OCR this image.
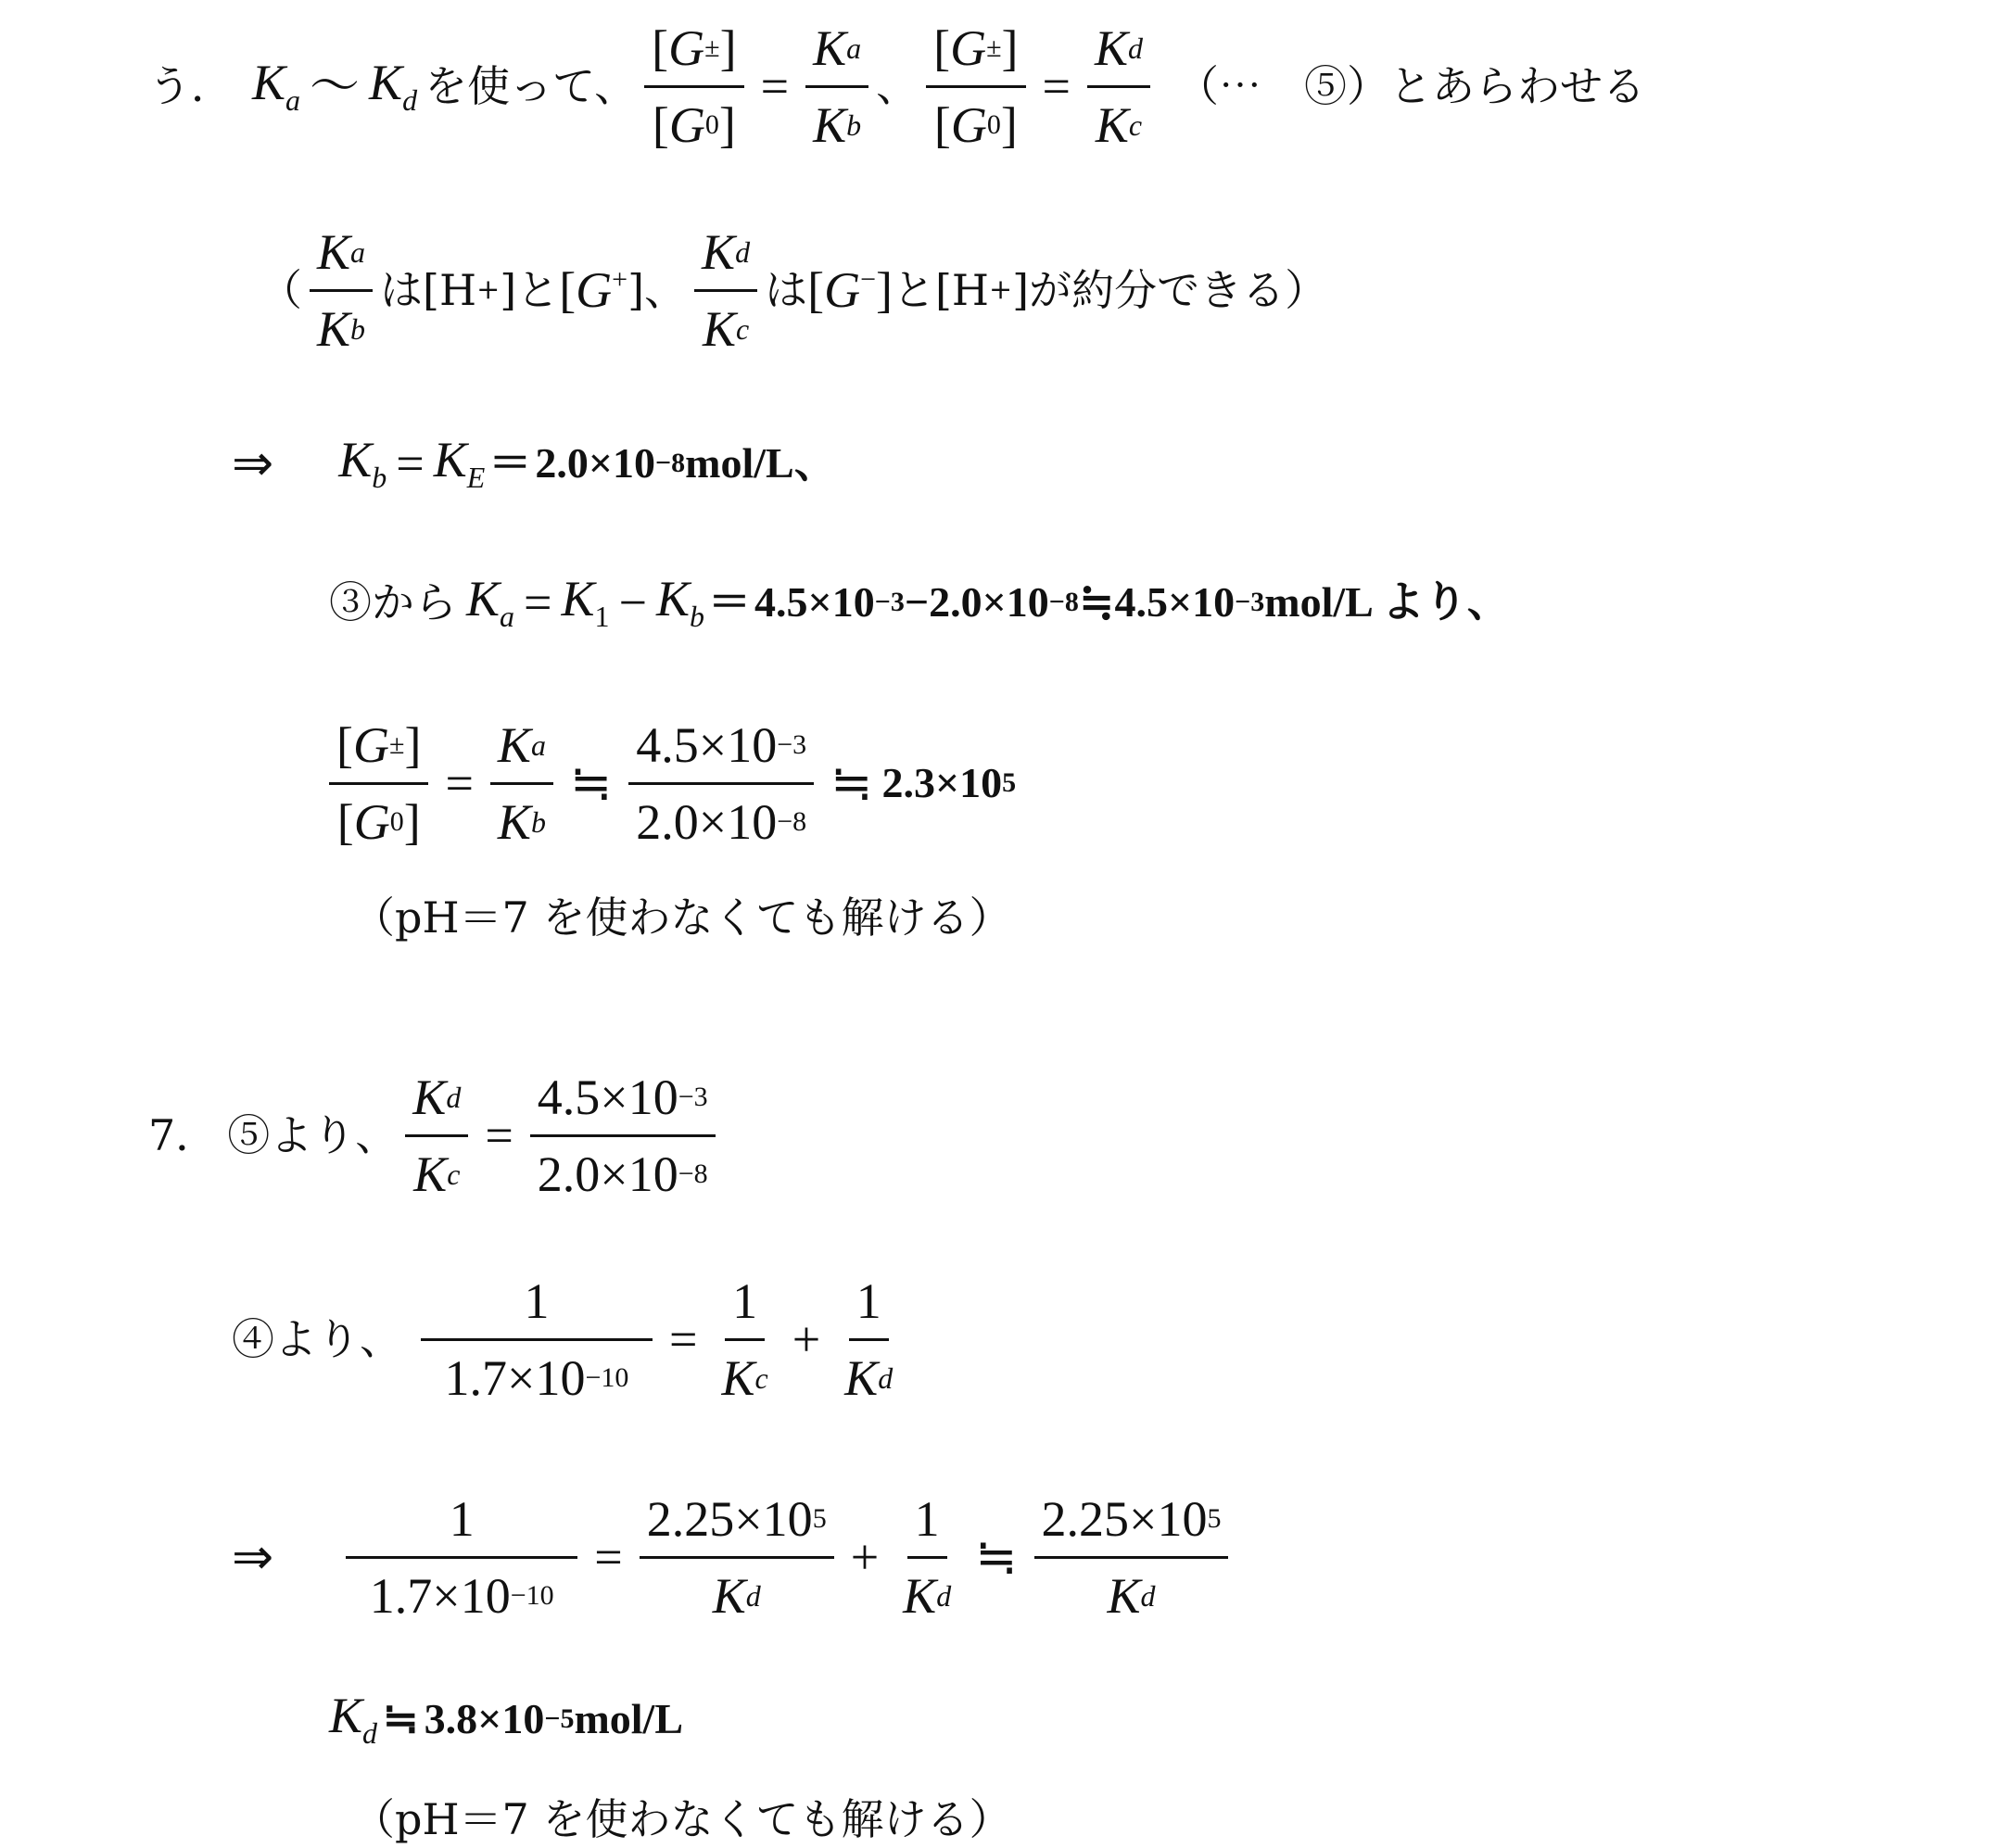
う． $K_a$ 〜 $K_d$ を使って、 $\frac{[ G \pm ]}{[ G 0 ]} = \frac{\text{K a}}{\text{K b}}$ 、 $\frac{[ G \pm ]}{[ G 0 ]} = \frac{\text{K d}}{\text{K c}}$ （⋯　⑤）とあらわせる
（ $\frac{\text{K a}}{\text{K b}}$ は[H + ]と [G+ ]、 $\frac{\text{K d}}{\text{K c}}$ は [G−] と[H + ]が約分できる）
⇒ $K_b = K_E = 2.0\times 10 -8$ mol/L、
③から $K_a = K_1 - K_b = 4.5\times 10 -3 - 2.0\times 10 -8$ ≒ 4.5×10 −3 mol/L より、
$\frac{[ G \pm ]}{[ G 0 ]} = \frac{\text{K a}}{\text{K b}}$ ≒ $\frac{4.5\times 10 -3}{2.0\times 10 -8}$ ≒ 2.3×10 5
（pH＝7 を使わなくても解ける）
7． ⑤より、 $\frac{\text{K d}}{\text{K c}} = \frac{4.5\times 10 -3}{2.0\times 10 -8}$
④より、 $\frac{1}{1.7\times 10 -10} = \frac{1}{\text{K c}} + \frac{1}{\text{K d}}$
⇒ $\frac{1}{1.7\times 10 -10} = \frac{2.25\times 10 5}{\text{K d}} + \frac{1}{\text{K d}}$ ≒ $\frac{2.25\times 10 5}{\text{K d}}$
$K_d$ ≒ 3.8×10 −5 mol/L
（pH＝7 を使わなくても解ける）
